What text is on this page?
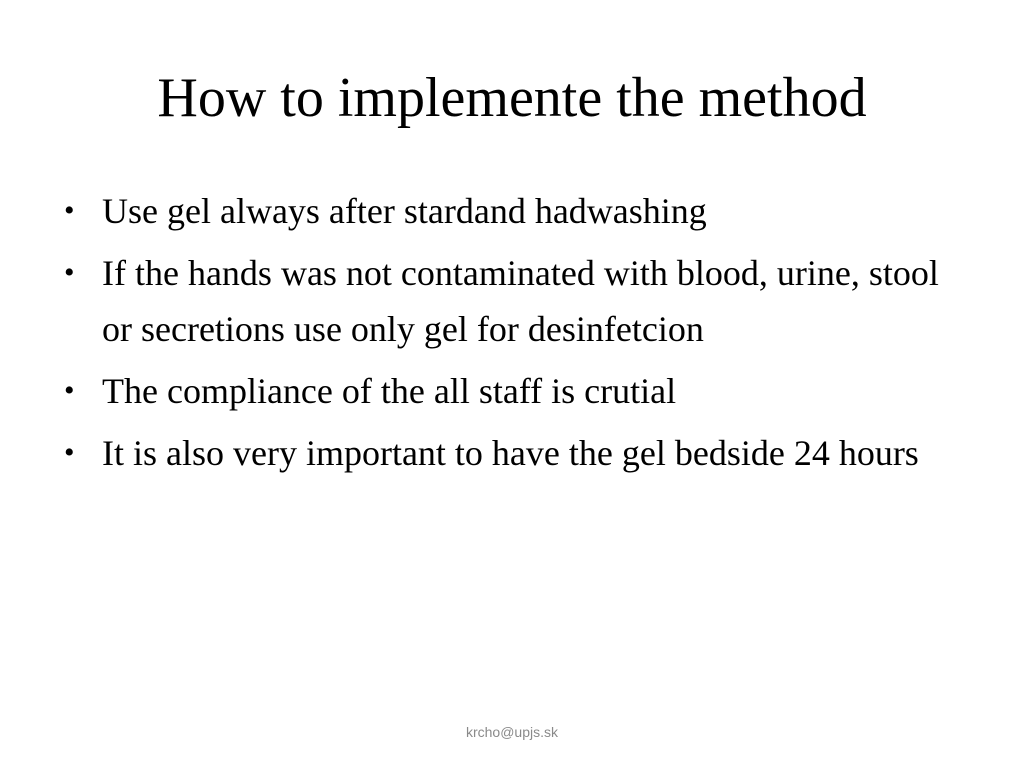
How to implemente the method
• Use gel always after stardand hadwashing
• If the hands was not contaminated with blood, urine, stool or secretions use only gel for desinfetcion
• The compliance of the all staff is crutial
• It is also very important to have the gel bedside 24 hours
krcho@upjs.sk
